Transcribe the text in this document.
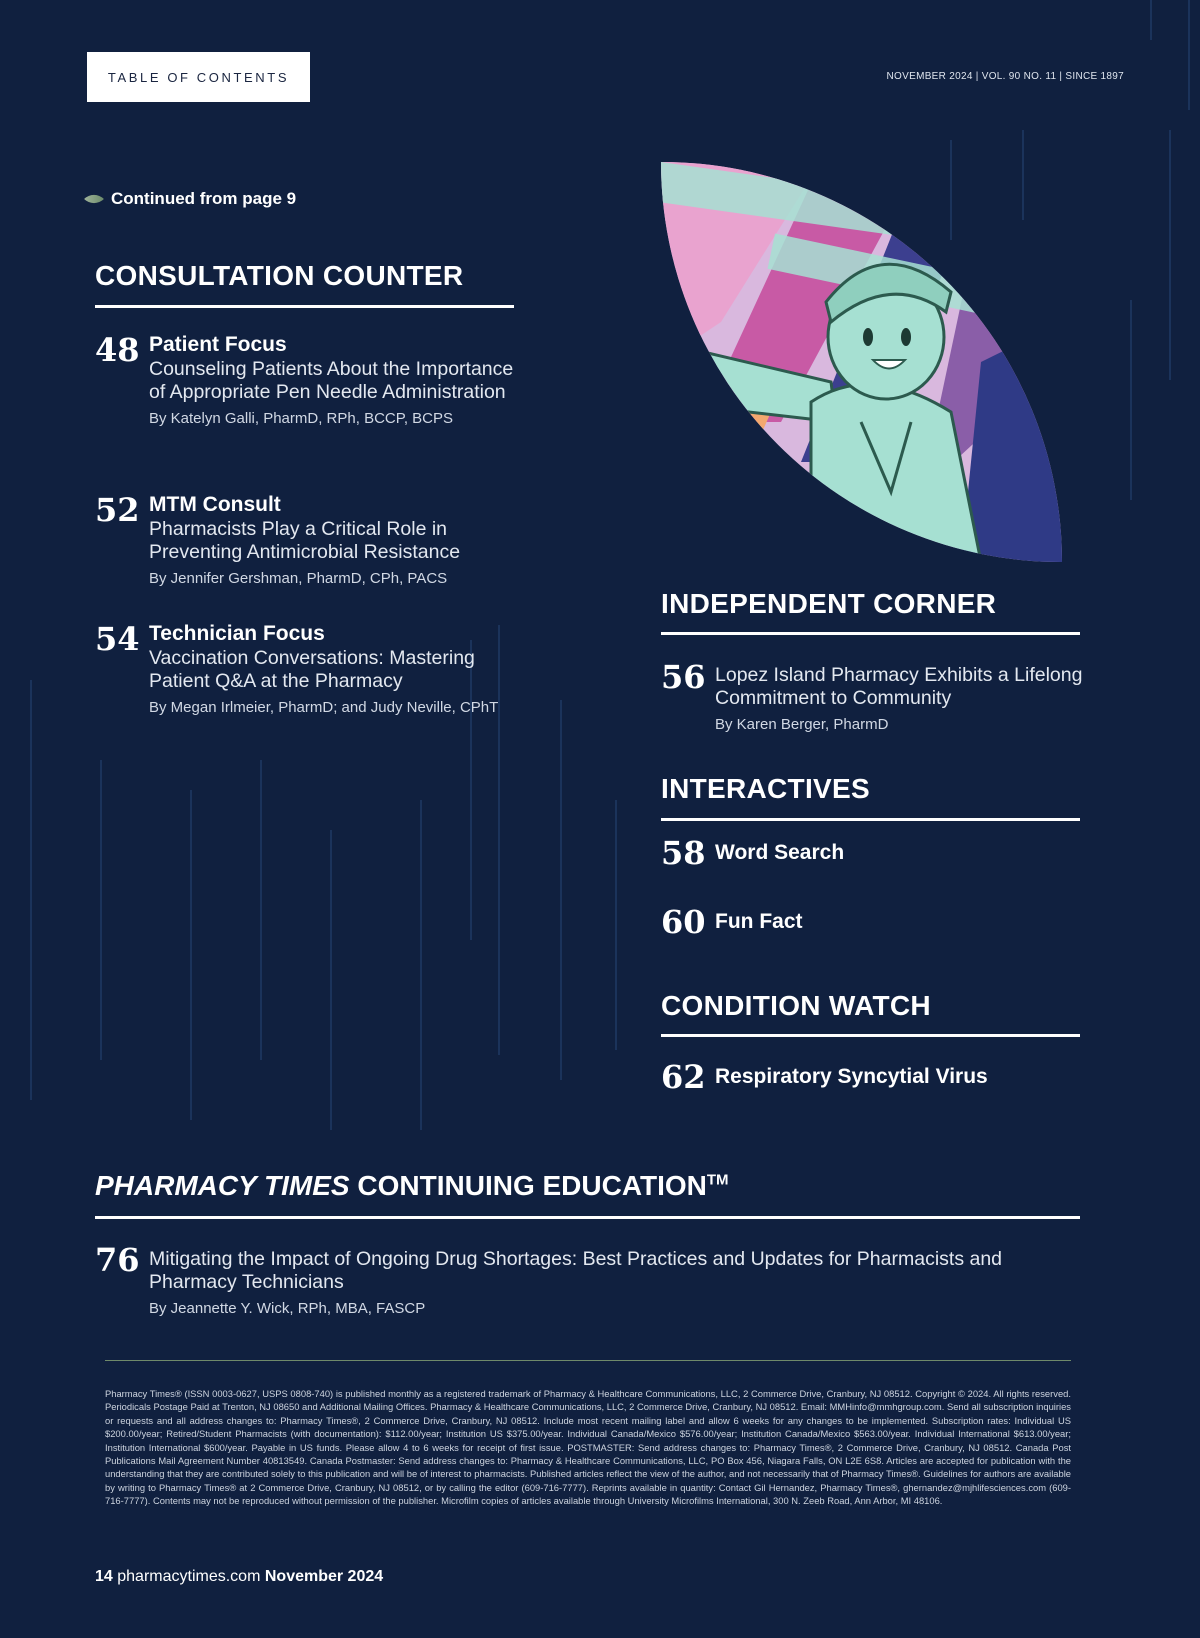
TABLE OF CONTENTS	NOVEMBER 2024 | VOL. 90 NO. 11 | SINCE 1897
Continued from page 9
CONSULTATION COUNTER
48 Patient Focus
Counseling Patients About the Importance of Appropriate Pen Needle Administration
By Katelyn Galli, PharmD, RPh, BCCP, BCPS
52 MTM Consult
Pharmacists Play a Critical Role in Preventing Antimicrobial Resistance
By Jennifer Gershman, PharmD, CPh, PACS
54 Technician Focus
Vaccination Conversations: Mastering Patient Q&A at the Pharmacy
By Megan Irlmeier, PharmD; and Judy Neville, CPhT
INDEPENDENT CORNER
56 Lopez Island Pharmacy Exhibits a Lifelong Commitment to Community
By Karen Berger, PharmD
INTERACTIVES
58 Word Search
60 Fun Fact
CONDITION WATCH
62 Respiratory Syncytial Virus
PHARMACY TIMES CONTINUING EDUCATION™
76 Mitigating the Impact of Ongoing Drug Shortages: Best Practices and Updates for Pharmacists and Pharmacy Technicians
By Jeannette Y. Wick, RPh, MBA, FASCP
Pharmacy Times® (ISSN 0003-0627, USPS 0808-740) is published monthly as a registered trademark of Pharmacy & Healthcare Communications, LLC, 2 Commerce Drive, Cranbury, NJ 08512. Copyright © 2024. All rights reserved. Periodicals Postage Paid at Trenton, NJ 08650 and Additional Mailing Offices. Pharmacy & Healthcare Communications, LLC, 2 Commerce Drive, Cranbury, NJ 08512. Email: MMHinfo@mmhgroup.com. Send all subscription inquiries or requests and all address changes to: Pharmacy Times®, 2 Commerce Drive, Cranbury, NJ 08512. Include most recent mailing label and allow 6 weeks for any changes to be implemented. Subscription rates: Individual US $200.00/year; Retired/Student Pharmacists (with documentation): $112.00/year; Institution US $375.00/year. Individual Canada/Mexico $576.00/year; Institution Canada/Mexico $563.00/year. Individual International $613.00/year; Institution International $600/year. Payable in US funds. Please allow 4 to 6 weeks for receipt of first issue. POSTMASTER: Send address changes to: Pharmacy Times®, 2 Commerce Drive, Cranbury, NJ 08512. Canada Post Publications Mail Agreement Number 40813549. Canada Postmaster: Send address changes to: Pharmacy & Healthcare Communications, LLC, PO Box 456, Niagara Falls, ON L2E 6S8. Articles are accepted for publication with the understanding that they are contributed solely to this publication and will be of interest to pharmacists. Published articles reflect the view of the author, and not necessarily that of Pharmacy Times®. Guidelines for authors are available by writing to Pharmacy Times® at 2 Commerce Drive, Cranbury, NJ 08512, or by calling the editor (609-716-7777). Reprints available in quantity: Contact Gil Hernandez, Pharmacy Times®, ghernandez@mjhlifesciences.com (609-716-7777). Contents may not be reproduced without permission of the publisher. Microfilm copies of articles available through University Microfilms International, 300 N. Zeeb Road, Ann Arbor, MI 48106.
14 pharmacytimes.com November 2024
